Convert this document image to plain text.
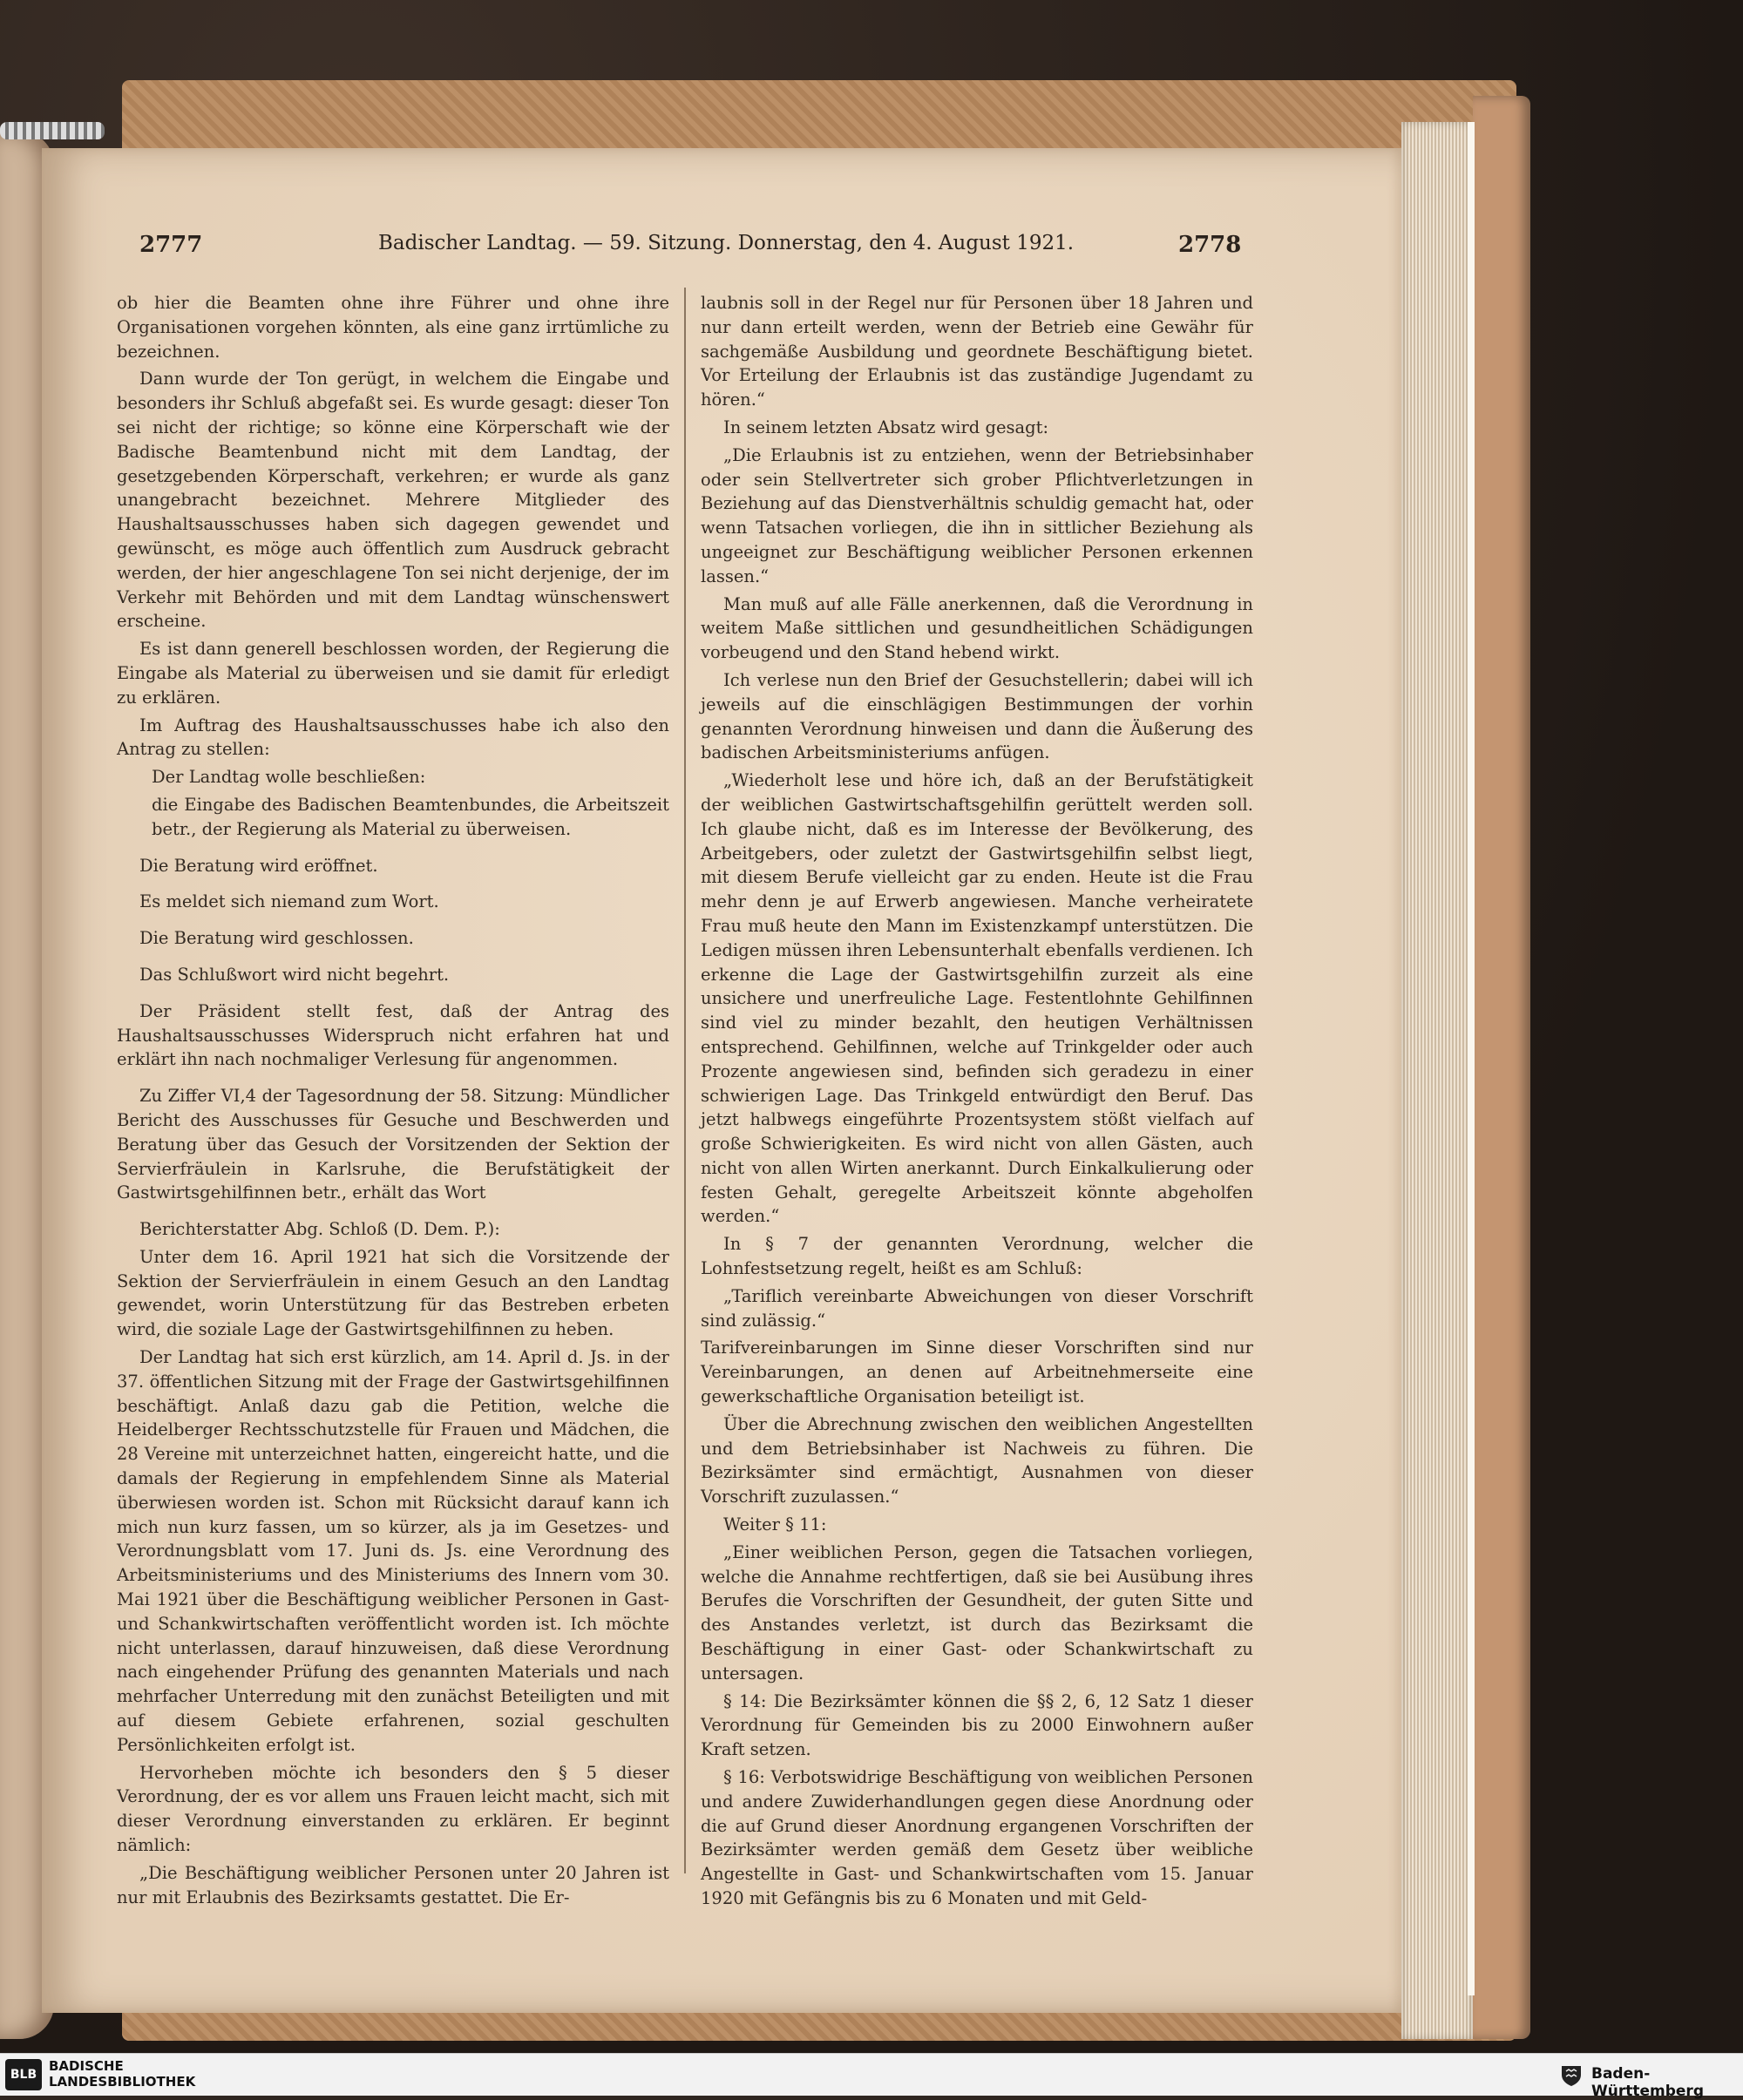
2777	Badischer Landtag. — 59. Sitzung. Donnerstag, den 4. August 1921.	2778

ob hier die Beamten ohne ihre Führer und ohne ihre Organisationen vorgehen könnten, als eine ganz irrtümliche zu bezeichnen.

Dann wurde der Ton gerügt, in welchem die Eingabe und besonders ihr Schluß abgefaßt sei. Es wurde gesagt: dieser Ton sei nicht der richtige; so könne eine Körperschaft wie der Badische Beamtenbund nicht mit dem Landtag, der gesetzgebenden Körperschaft, verkehren; er wurde als ganz unangebracht bezeichnet. Mehrere Mitglieder des Haushaltsausschusses haben sich dagegen gewendet und gewünscht, es möge auch öffentlich zum Ausdruck gebracht werden, der hier angeschlagene Ton sei nicht derjenige, der im Verkehr mit Behörden und mit dem Landtag wünschenswert erscheine.

Es ist dann generell beschlossen worden, der Regierung die Eingabe als Material zu überweisen und sie damit für erledigt zu erklären.

Im Auftrag des Haushaltsausschusses habe ich also den Antrag zu stellen:

Der Landtag wolle beschließen:

die Eingabe des Badischen Beamtenbundes, die Arbeitszeit betr., der Regierung als Material zu überweisen.

Die Beratung wird eröffnet.

Es meldet sich niemand zum Wort.

Die Beratung wird geschlossen.

Das Schlußwort wird nicht begehrt.

Der Präsident stellt fest, daß der Antrag des Haushaltsausschusses Widerspruch nicht erfahren hat und erklärt ihn nach nochmaliger Verlesung für angenommen.

Zu Ziffer VI,4 der Tagesordnung der 58. Sitzung: Mündlicher Bericht des Ausschusses für Gesuche und Beschwerden und Beratung über das Gesuch der Vorsitzenden der Sektion der Servierfräulein in Karlsruhe, die Berufstätigkeit der Gastwirtsgehilfinnen betr., erhält das Wort

Berichterstatter Abg. Schloß (D. Dem. P.):

Unter dem 16. April 1921 hat sich die Vorsitzende der Sektion der Servierfräulein in einem Gesuch an den Landtag gewendet, worin Unterstützung für das Bestreben erbeten wird, die soziale Lage der Gastwirtsgehilfinnen zu heben.

Der Landtag hat sich erst kürzlich, am 14. April d. Js. in der 37. öffentlichen Sitzung mit der Frage der Gastwirtsgehilfinnen beschäftigt. Anlaß dazu gab die Petition, welche die Heidelberger Rechtsschutzstelle für Frauen und Mädchen, die 28 Vereine mit unterzeichnet hatten, eingereicht hatte, und die damals der Regierung in empfehlendem Sinne als Material überwiesen worden ist. Schon mit Rücksicht darauf kann ich mich nun kurz fassen, um so kürzer, als ja im Gesetzes- und Verordnungsblatt vom 17. Juni ds. Js. eine Verordnung des Arbeitsministeriums und des Ministeriums des Innern vom 30. Mai 1921 über die Beschäftigung weiblicher Personen in Gast- und Schankwirtschaften veröffentlicht worden ist. Ich möchte nicht unterlassen, darauf hinzuweisen, daß diese Verordnung nach eingehender Prüfung des genannten Materials und nach mehrfacher Unterredung mit den zunächst Beteiligten und mit auf diesem Gebiete erfahrenen, sozial geschulten Persönlichkeiten erfolgt ist.

Hervorheben möchte ich besonders den § 5 dieser Verordnung, der es vor allem uns Frauen leicht macht, sich mit dieser Verordnung einverstanden zu erklären. Er beginnt nämlich:

„Die Beschäftigung weiblicher Personen unter 20 Jahren ist nur mit Erlaubnis des Bezirksamts gestattet. Die Er-

laubnis soll in der Regel nur für Personen über 18 Jahren und nur dann erteilt werden, wenn der Betrieb eine Gewähr für sachgemäße Ausbildung und geordnete Beschäftigung bietet. Vor Erteilung der Erlaubnis ist das zuständige Jugendamt zu hören.“

In seinem letzten Absatz wird gesagt:

„Die Erlaubnis ist zu entziehen, wenn der Betriebsinhaber oder sein Stellvertreter sich grober Pflichtverletzungen in Beziehung auf das Dienstverhältnis schuldig gemacht hat, oder wenn Tatsachen vorliegen, die ihn in sittlicher Beziehung als ungeeignet zur Beschäftigung weiblicher Personen erkennen lassen.“

Man muß auf alle Fälle anerkennen, daß die Verordnung in weitem Maße sittlichen und gesundheitlichen Schädigungen vorbeugend und den Stand hebend wirkt.

Ich verlese nun den Brief der Gesuchstellerin; dabei will ich jeweils auf die einschlägigen Bestimmungen der vorhin genannten Verordnung hinweisen und dann die Äußerung des badischen Arbeitsministeriums anfügen.

„Wiederholt lese und höre ich, daß an der Berufstätigkeit der weiblichen Gastwirtschaftsgehilfin gerüttelt werden soll. Ich glaube nicht, daß es im Interesse der Bevölkerung, des Arbeitgebers, oder zuletzt der Gastwirtsgehilfin selbst liegt, mit diesem Berufe vielleicht gar zu enden. Heute ist die Frau mehr denn je auf Erwerb angewiesen. Manche verheiratete Frau muß heute den Mann im Existenzkampf unterstützen. Die Ledigen müssen ihren Lebensunterhalt ebenfalls verdienen. Ich erkenne die Lage der Gastwirtsgehilfin zurzeit als eine unsichere und unerfreuliche Lage. Festentlohnte Gehilfinnen sind viel zu minder bezahlt, den heutigen Verhältnissen entsprechend. Gehilfinnen, welche auf Trinkgelder oder auch Prozente angewiesen sind, befinden sich geradezu in einer schwierigen Lage. Das Trinkgeld entwürdigt den Beruf. Das jetzt halbwegs eingeführte Prozentsystem stößt vielfach auf große Schwierigkeiten. Es wird nicht von allen Gästen, auch nicht von allen Wirten anerkannt. Durch Einkalkulierung oder festen Gehalt, geregelte Arbeitszeit könnte abgeholfen werden.“

In § 7 der genannten Verordnung, welcher die Lohnfestsetzung regelt, heißt es am Schluß:

„Tariflich vereinbarte Abweichungen von dieser Vorschrift sind zulässig.“

Tarifvereinbarungen im Sinne dieser Vorschriften sind nur Vereinbarungen, an denen auf Arbeitnehmerseite eine gewerkschaftliche Organisation beteiligt ist.

Über die Abrechnung zwischen den weiblichen Angestellten und dem Betriebsinhaber ist Nachweis zu führen. Die Bezirksämter sind ermächtigt, Ausnahmen von dieser Vorschrift zuzulassen.“

Weiter § 11:

„Einer weiblichen Person, gegen die Tatsachen vorliegen, welche die Annahme rechtfertigen, daß sie bei Ausübung ihres Berufes die Vorschriften der Gesundheit, der guten Sitte und des Anstandes verletzt, ist durch das Bezirksamt die Beschäftigung in einer Gast- oder Schankwirtschaft zu untersagen.

§ 14: Die Bezirksämter können die §§ 2, 6, 12 Satz 1 dieser Verordnung für Gemeinden bis zu 2000 Einwohnern außer Kraft setzen.

§ 16: Verbotswidrige Beschäftigung von weiblichen Personen und andere Zuwiderhandlungen gegen diese Anordnung oder die auf Grund dieser Anordnung ergangenen Vorschriften der Bezirksämter werden gemäß dem Gesetz über weibliche Angestellte in Gast- und Schankwirtschaften vom 15. Januar 1920 mit Gefängnis bis zu 6 Monaten und mit Geld-

BLB
BADISCHE
LANDESBIBLIOTHEK	Baden-Württemberg
